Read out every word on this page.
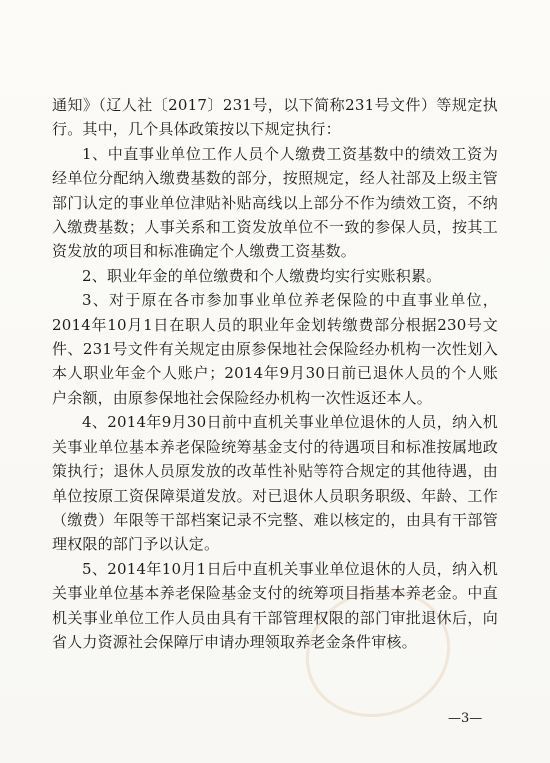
通知》（辽人社〔2017〕231号，以下简称231号文件）等规定执行。其中，几个具体政策按以下规定执行：

1、中直事业单位工作人员个人缴费工资基数中的绩效工资为经单位分配纳入缴费基数的部分，按照规定，经人社部及上级主管部门认定的事业单位津贴补贴高线以上部分不作为绩效工资，不纳入缴费基数；人事关系和工资发放单位不一致的参保人员，按其工资发放的项目和标准确定个人缴费工资基数。

2、职业年金的单位缴费和个人缴费均实行实账积累。

3、对于原在各市参加事业单位养老保险的中直事业单位，2014年10月1日在职人员的职业年金划转缴费部分根据230号文件、231号文件有关规定由原参保地社会保险经办机构一次性划入本人职业年金个人账户；2014年9月30日前已退休人员的个人账户余额，由原参保地社会保险经办机构一次性返还本人。

4、2014年9月30日前中直机关事业单位退休的人员，纳入机关事业单位基本养老保险统筹基金支付的待遇项目和标准按属地政策执行；退休人员原发放的改革性补贴等符合规定的其他待遇，由单位按原工资保障渠道发放。对已退休人员职务职级、年龄、工作（缴费）年限等干部档案记录不完整、难以核定的，由具有干部管理权限的部门予以认定。

5、2014年10月1日后中直机关事业单位退休的人员，纳入机关事业单位基本养老保险基金支付的统筹项目指基本养老金。中直机关事业单位工作人员由具有干部管理权限的部门审批退休后，向省人力资源社会保障厅申请办理领取养老金条件审核。

—3—
